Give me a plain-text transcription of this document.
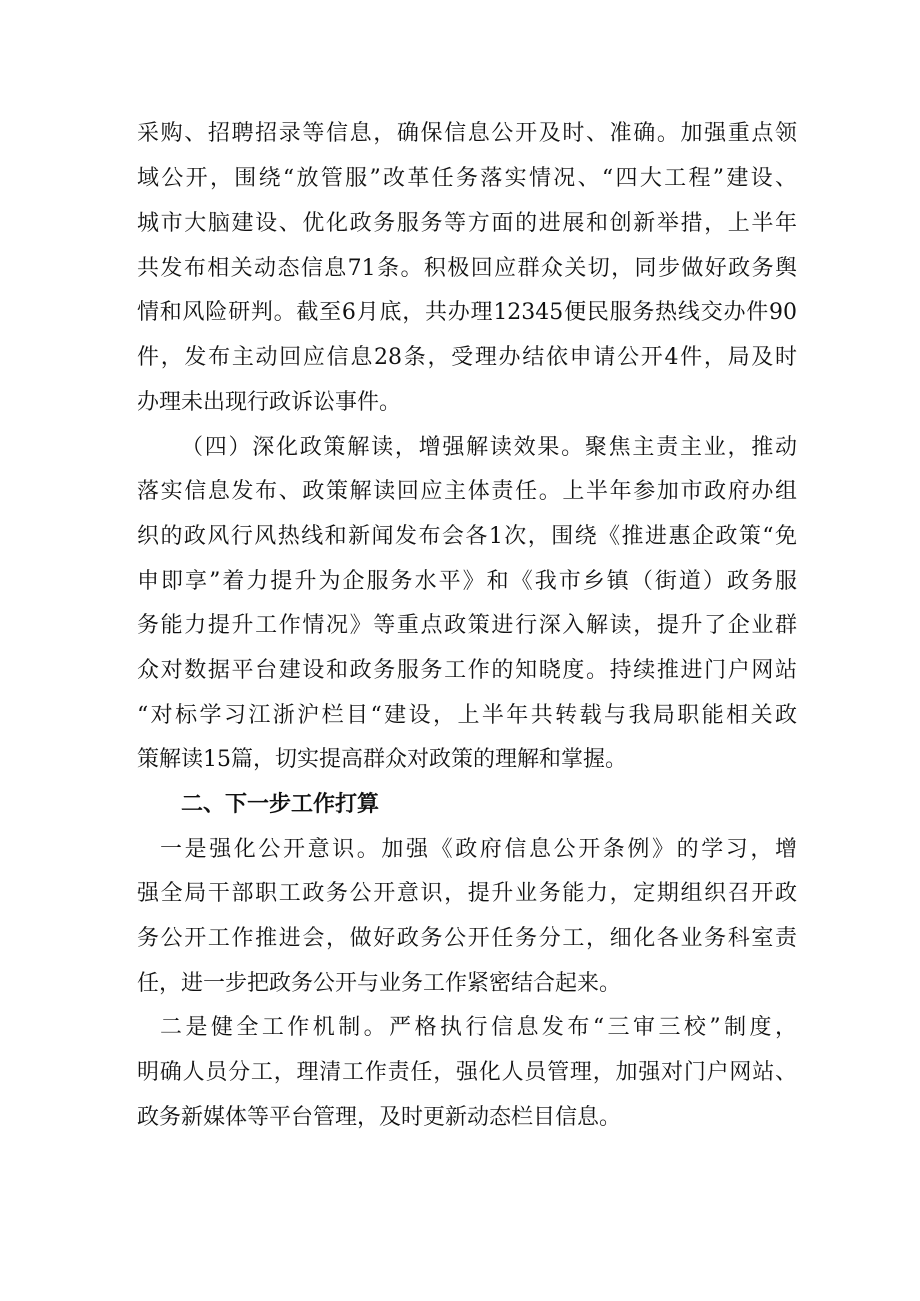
采购、招聘招录等信息，确保信息公开及时、准确。加强重点领
域公开，围绕“放管服”改革任务落实情况、“四大工程”建设、
城市大脑建设、优化政务服务等方面的进展和创新举措，上半年
共发布相关动态信息71条。积极回应群众关切，同步做好政务舆
情和风险研判。截至6月底，共办理12345便民服务热线交办件90
件，发布主动回应信息28条，受理办结依申请公开4件，局及时
办理未出现行政诉讼事件。
（四）深化政策解读，增强解读效果。聚焦主责主业，推动
落实信息发布、政策解读回应主体责任。上半年参加市政府办组
织的政风行风热线和新闻发布会各1次，围绕《推进惠企政策“免
申即享”着力提升为企服务水平》和《我市乡镇（街道）政务服
务能力提升工作情况》等重点政策进行深入解读，提升了企业群
众对数据平台建设和政务服务工作的知晓度。持续推进门户网站
“对标学习江浙沪栏目“建设，上半年共转载与我局职能相关政
策解读15篇，切实提高群众对政策的理解和掌握。
二、下一步工作打算
一是强化公开意识。加强《政府信息公开条例》的学习，增
强全局干部职工政务公开意识，提升业务能力，定期组织召开政
务公开工作推进会，做好政务公开任务分工，细化各业务科室责
任，进一步把政务公开与业务工作紧密结合起来。
二是健全工作机制。严格执行信息发布“三审三校”制度，
明确人员分工，理清工作责任，强化人员管理，加强对门户网站、
政务新媒体等平台管理，及时更新动态栏目信息。
